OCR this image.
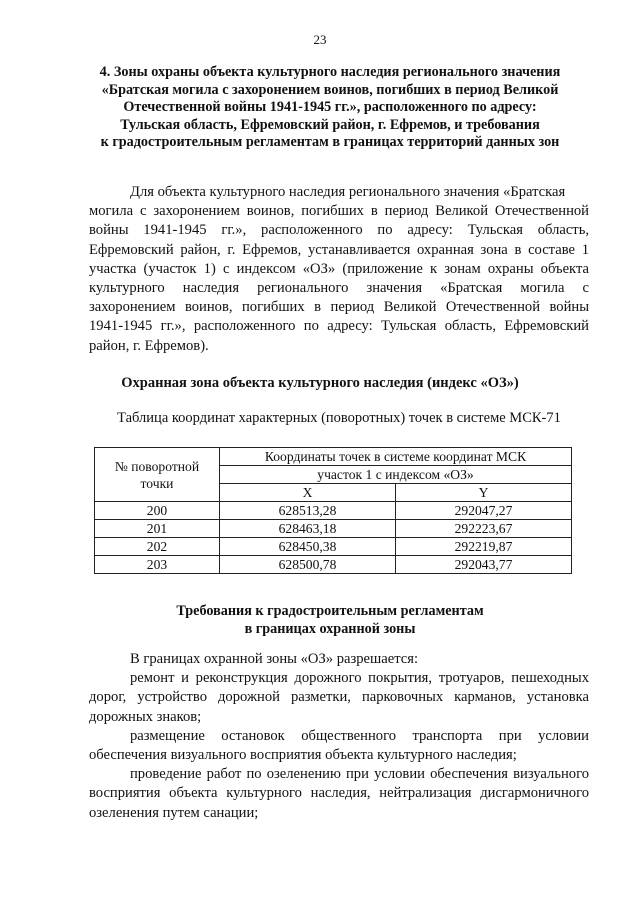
23
4. Зоны охраны объекта культурного наследия регионального значения
«Братская могила с захоронением воинов, погибших в период Великой
Отечественной войны 1941-1945 гг.», расположенного по адресу:
Тульская область, Ефремовский район, г. Ефремов, и требования
к градостроительным регламентам в границах территорий данных зон
Для объекта культурного наследия регионального значения «Братская
могила с захоронением воинов, погибших в период Великой Отечественной
войны 1941-1945 гг.», расположенного по адресу: Тульская область,
Ефремовский район, г. Ефремов, устанавливается охранная зона в составе 1
участка (участок 1) с индексом «ОЗ» (приложение к зонам охраны объекта
культурного наследия регионального значения «Братская могила с
захоронением воинов, погибших в период Великой Отечественной войны
1941-1945 гг.», расположенного по адресу: Тульская область, Ефремовский
район, г. Ефремов).
Охранная зона объекта культурного наследия (индекс «ОЗ»)
Таблица координат характерных (поворотных) точек в системе МСК-71
№ поворотной
точки	Координаты точек в системе координат МСК	
	участок 1 с индексом «ОЗ»	
	X	Y
200	628513,28	292047,27
201	628463,18	292223,67
202	628450,38	292219,87
203	628500,78	292043,77
Требования к градостроительным регламентам
в границах охранной зоны

В границах охранной зоны «ОЗ» разрешается:

ремонт и реконструкция дорожного покрытия, тротуаров, пешеходных дорог, устройство дорожной разметки, парковочных карманов, установка дорожных знаков;

размещение остановок общественного транспорта при условии обеспечения визуального восприятия объекта культурного наследия;

проведение работ по озеленению при условии обеспечения визуального восприятия объекта культурного наследия, нейтрализация дисгармоничного озеленения путем санации;
